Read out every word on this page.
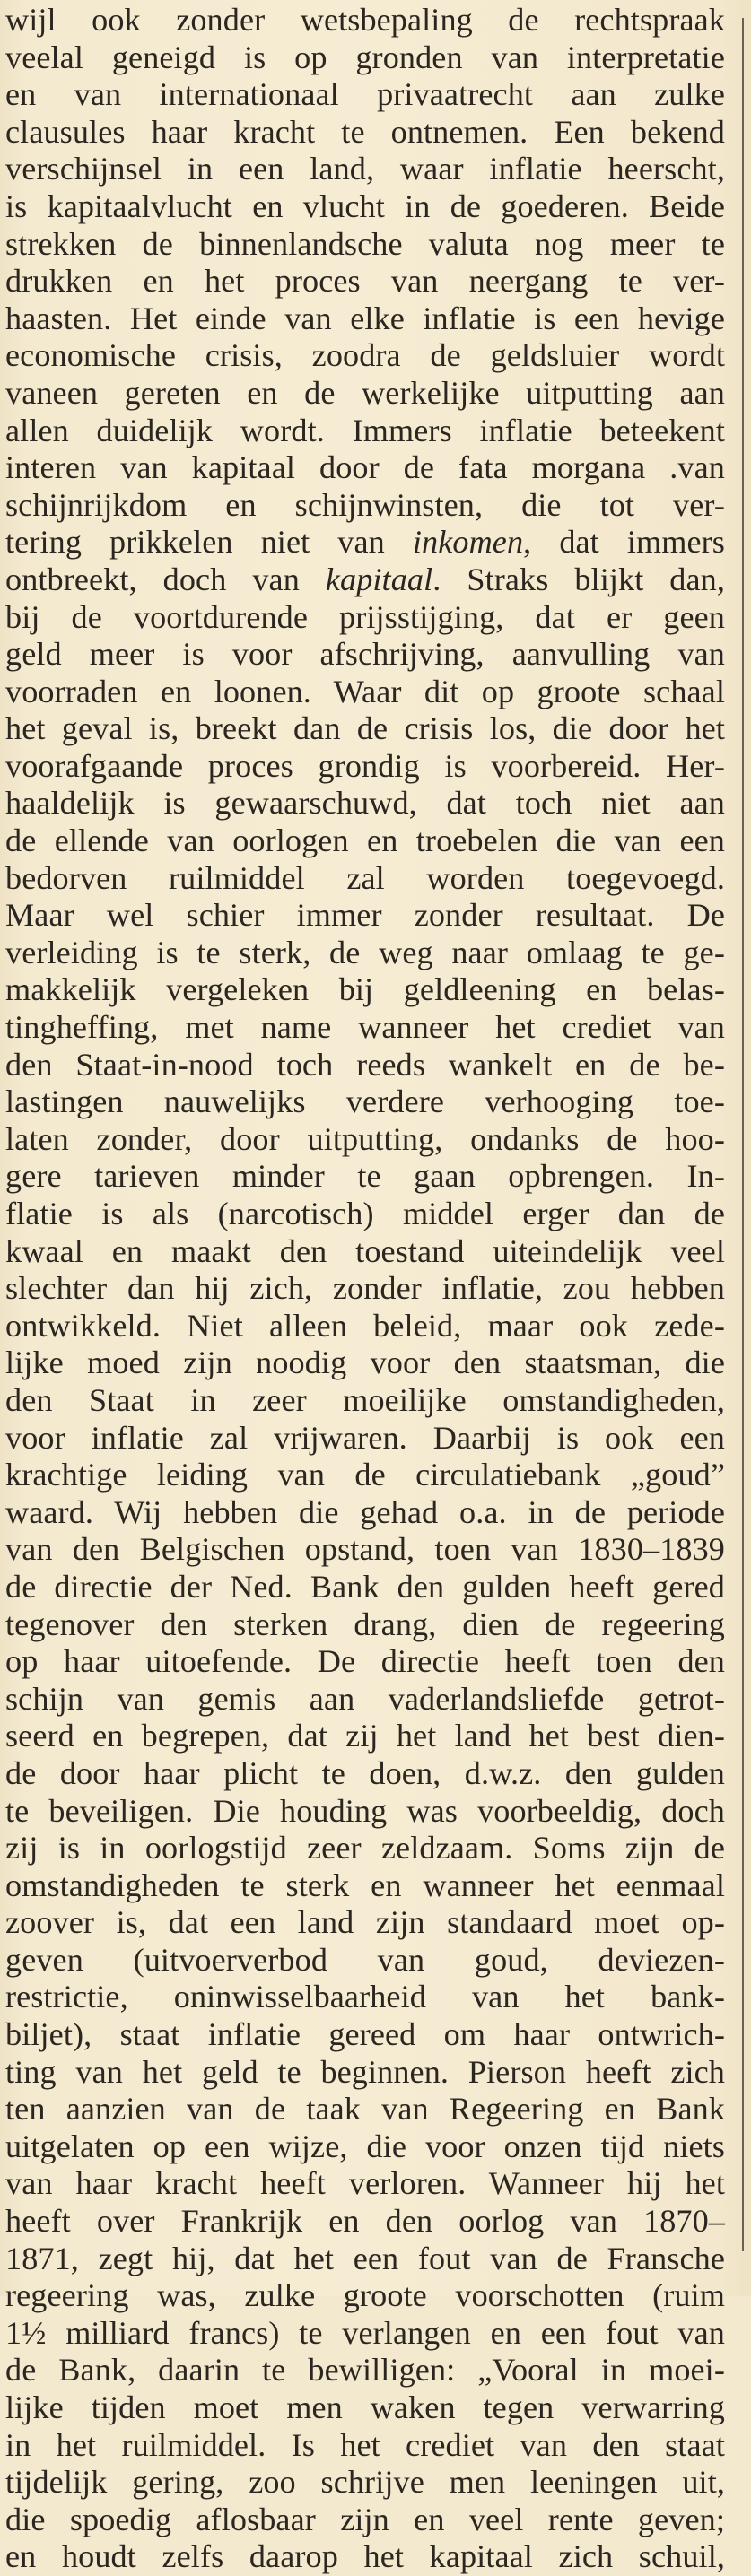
wijl ook zonder wetsbepaling de rechtspraak
veelal geneigd is op gronden van interpretatie
en van internationaal privaatrecht aan zulke
clausules haar kracht te ontnemen. Een bekend
verschijnsel in een land, waar inflatie heerscht,
is kapitaalvlucht en vlucht in de goederen. Beide
strekken de binnenlandsche valuta nog meer te
drukken en het proces van neergang te ver-
haasten. Het einde van elke inflatie is een hevige
economische crisis, zoodra de geldsluier wordt
vaneen gereten en de werkelijke uitputting aan
allen duidelijk wordt. Immers inflatie beteekent
interen van kapitaal door de fata morgana .van
schijnrijkdom en schijnwinsten, die tot ver-
tering prikkelen niet van inkomen, dat immers
ontbreekt, doch van kapitaal. Straks blijkt dan,
bij de voortdurende prijsstijging, dat er geen
geld meer is voor afschrijving, aanvulling van
voorraden en loonen. Waar dit op groote schaal
het geval is, breekt dan de crisis los, die door het
voorafgaande proces grondig is voorbereid. Her-
haaldelijk is gewaarschuwd, dat toch niet aan
de ellende van oorlogen en troebelen die van een
bedorven ruilmiddel zal worden toegevoegd.
Maar wel schier immer zonder resultaat. De
verleiding is te sterk, de weg naar omlaag te ge-
makkelijk vergeleken bij geldleening en belas-
tingheffing, met name wanneer het crediet van
den Staat-in-nood toch reeds wankelt en de be-
lastingen nauwelijks verdere verhooging toe-
laten zonder, door uitputting, ondanks de hoo-
gere tarieven minder te gaan opbrengen. In-
flatie is als (narcotisch) middel erger dan de
kwaal en maakt den toestand uiteindelijk veel
slechter dan hij zich, zonder inflatie, zou hebben
ontwikkeld. Niet alleen beleid, maar ook zede-
lijke moed zijn noodig voor den staatsman, die
den Staat in zeer moeilijke omstandigheden,
voor inflatie zal vrijwaren. Daarbij is ook een
krachtige leiding van de circulatiebank „goud”
waard. Wij hebben die gehad o.a. in de periode
van den Belgischen opstand, toen van 1830–1839
de directie der Ned. Bank den gulden heeft gered
tegenover den sterken drang, dien de regeering
op haar uitoefende. De directie heeft toen den
schijn van gemis aan vaderlandsliefde getrot-
seerd en begrepen, dat zij het land het best dien-
de door haar plicht te doen, d.w.z. den gulden
te beveiligen. Die houding was voorbeeldig, doch
zij is in oorlogstijd zeer zeldzaam. Soms zijn de
omstandigheden te sterk en wanneer het eenmaal
zoover is, dat een land zijn standaard moet op-
geven (uitvoerverbod van goud, deviezen-
restrictie, oninwisselbaarheid van het bank-
biljet), staat inflatie gereed om haar ontwrich-
ting van het geld te beginnen. Pierson heeft zich
ten aanzien van de taak van Regeering en Bank
uitgelaten op een wijze, die voor onzen tijd niets
van haar kracht heeft verloren. Wanneer hij het
heeft over Frankrijk en den oorlog van 1870–
1871, zegt hij, dat het een fout van de Fransche
regeering was, zulke groote voorschotten (ruim
1½ milliard francs) te verlangen en een fout van
de Bank, daarin te bewilligen: „Vooral in moei-
lijke tijden moet men waken tegen verwarring
in het ruilmiddel. Is het crediet van den staat
tijdelijk gering, zoo schrijve men leeningen uit,
die spoedig aflosbaar zijn en veel rente geven;
en houdt zelfs daarop het kapitaal zich schuil,
